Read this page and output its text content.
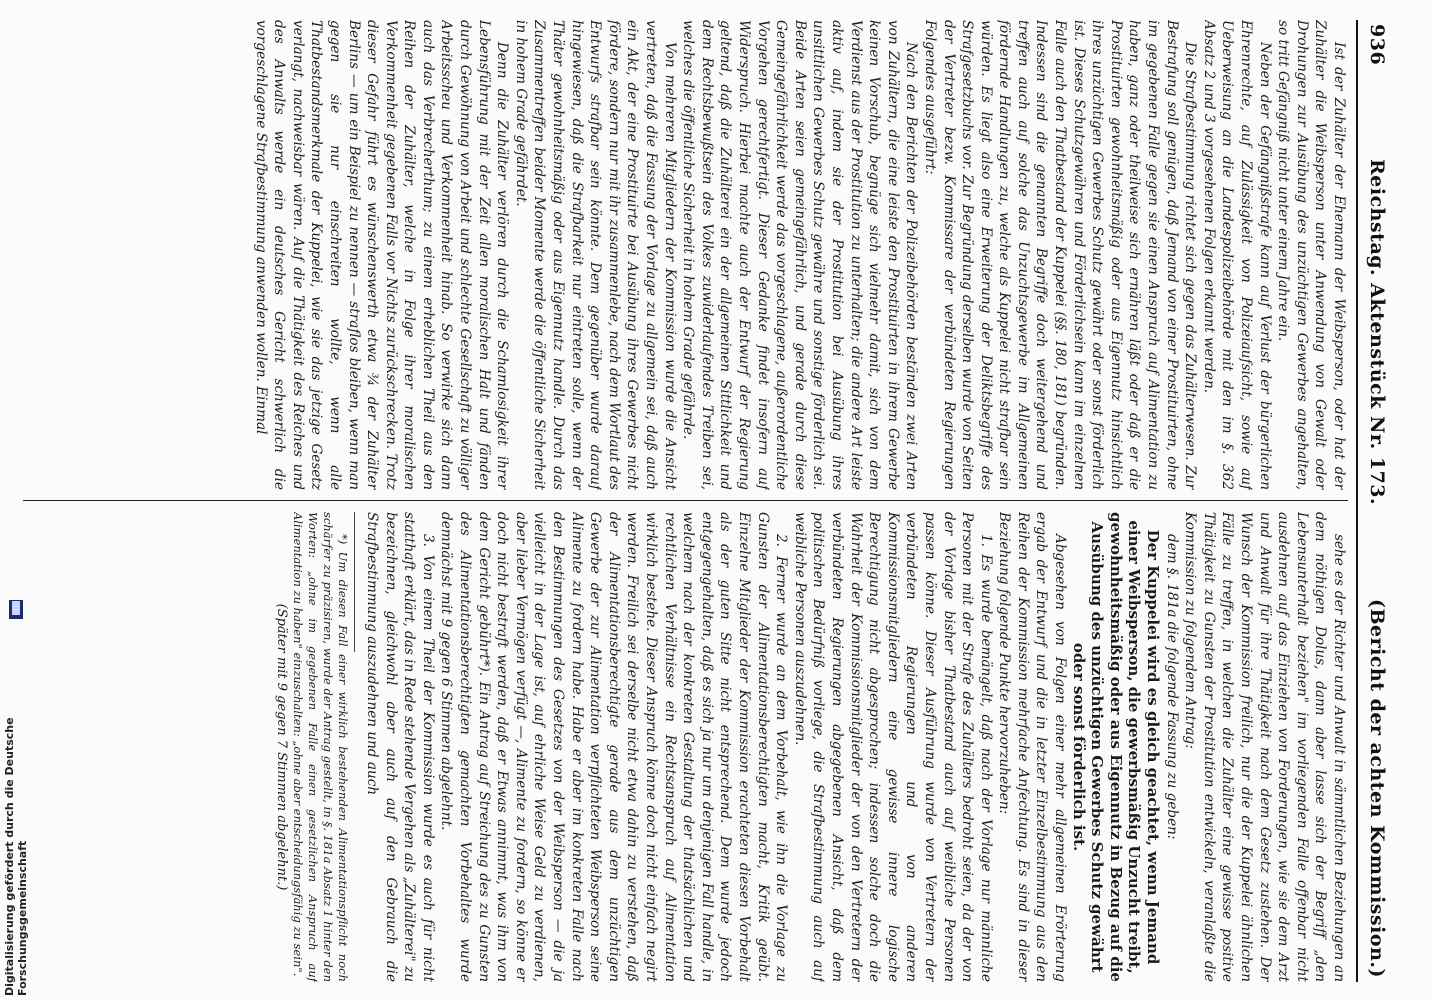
Digitalisierung gefördert durch die Deutsche Forschungsgemeinschaft
936
Reichstag. Aktenstück Nr. 173.
(Bericht der achten Kommission.)

Ist der Zuhälter der Ehemann der Weibsperson, oder hat der Zuhälter die Weibsperson unter Anwendung von Gewalt oder Drohungen zur Ausübung des unzüchtigen Gewerbes angehalten, so tritt Gefängniß nicht unter einem Jahre ein.

Neben der Gefängnißstrafe kann auf Verlust der bürgerlichen Ehrenrechte, auf Zulässigkeit von Polizeiaufsicht, sowie auf Ueberweisung an die Landespolizeibehörde mit den im §. 362 Absatz 2 und 3 vorgesehenen Folgen erkannt werden.

Die Strafbestimmung richtet sich gegen das Zuhälterwesen. Zur Bestrafung soll genügen, daß Jemand von einer Prostituirten, ohne im gegebenen Falle gegen sie einen Anspruch auf Alimentation zu haben, ganz oder theilweise sich ernähren läßt oder daß er die Prostituirten gewohnheitsmäßig oder aus Eigennutz hinsichtlich ihres unzüchtigen Gewerbes Schutz gewährt oder sonst förderlich ist. Dieses Schutzgewähren und Förderlichsein kann im einzelnen Falle auch den Thatbestand der Kuppelei (§§. 180, 181) begründen. Indessen sind die genannten Begriffe doch weitergehend und treffen auch auf solche das Unzuchtsgewerbe im Allgemeinen fördernde Handlungen zu, welche als Kuppelei nicht strafbar sein würden. Es liegt also eine Erweiterung der Deliktsbegriffe des Strafgesetzbuchs vor. Zur Begründung derselben wurde von Seiten der Vertreter bezw. Kommissare der verbündeten Regierungen Folgendes ausgeführt:

Nach den Berichten der Polizeibehörden beständen zwei Arten von Zuhältern, die eine leiste den Prostituirten in ihrem Gewerbe keinen Vorschub, begnüge sich vielmehr damit, sich von dem Verdienst aus der Prostitution zu unterhalten; die andere Art leiste aktiv auf, indem sie der Prostitution bei Ausübung ihres unsittlichen Gewerbes Schutz gewähre und sonstige förderlich sei. Beide Arten seien gemeingefährlich, und gerade durch diese Gemeingefährlichkeit werde das vorgeschlagene, außerordentliche Vorgehen gerechtfertigt. Dieser Gedanke findet insofern auf Widerspruch. Hierbei machte auch der Entwurf der Regierung geltend, daß die Zuhälterei ein der allgemeinen Sittlichkeit und dem Rechtsbewußtsein des Volkes zuwiderlaufendes Treiben sei, welches die öffentliche Sicherheit in hohem Grade gefährde.

Von mehreren Mitgliedern der Kommission wurde die Ansicht vertreten, daß die Fassung der Vorlage zu allgemein sei, daß auch ein Akt, der eine Prostituirte bei Ausübung ihres Gewerbes nicht fördere, sondern nur mit ihr zusammenlebe, nach dem Wortlaut des Entwurfs strafbar sein könnte. Dem gegenüber wurde darauf hingewiesen, daß die Strafbarkeit nur eintreten solle, wenn der Thäter gewohnheitsmäßig oder aus Eigennutz handle. Durch das Zusammentreffen beider Momente werde die öffentliche Sicherheit in hohem Grade gefährdet.

Denn die Zuhälter verlören durch die Schamlosigkeit ihrer Lebensführung mit der Zeit allen moralischen Halt und fänden durch Gewöhnung von Arbeit und schlechte Gesellschaft zu völliger Arbeitsscheu und Verkommenheit hinab. So verwirke sich dann auch das Verbrecherthum; zu einem erheblichen Theil aus den Reihen der Zuhälter, welche in Folge ihrer moralischen Verkommenheit gegebenen Falls vor Nichts zurückschrecken. Trotz dieser Gefahr führt es wünschenswerth etwa ¾ der Zuhälter Berlins — um ein Beispiel zu nennen — straflos bleiben, wenn man gegen sie nur einschreiten wollte, wenn alle Thatbestandsmerkmale der Kuppelei, wie sie das jetzige Gesetz verlangt, nachweisbar wären. Auf die Thätigkeit des Reiches und des Anwalts werde ein deutsches Gericht schwerlich die vorgeschlagene Strafbestimmung anwenden wollen. Einmal

sehe es der Richter und Anwalt in sämmtlichen Beziehungen an dem nöthigen Dolus, dann aber lasse sich der Begriff „den Lebensunterhalt beziehen" im vorliegenden Falle offenbar nicht ausdehnen auf das Einziehen von Forderungen, wie sie dem Arzt und Anwalt für ihre Thätigkeit nach dem Gesetz zustehen. Der Wunsch der Kommission freilich, nur die der Kuppelei ähnlichen Fälle zu treffen, in welchen die Zuhälter eine gewisse positive Thätigkeit zu Gunsten der Prostitution entwickeln, veranlaßte die Kommission zu folgendem Antrag:

dem §. 181a die folgende Fassung zu geben:

Der Kuppelei wird es gleich geachtet, wenn Jemand einer Weibsperson, die gewerbsmäßig Unzucht treibt, gewohnheitsmäßig oder aus Eigennutz in Bezug auf die Ausübung des unzüchtigen Gewerbes Schutz gewährt oder sonst förderlich ist.

Abgesehen von Folgen einer mehr allgemeinen Erörterung ergab der Entwurf und die in letzter Einzelbestimmung aus den Reihen der Kommission mehrfache Anfechtung. Es sind in dieser Beziehung folgende Punkte hervorzuheben:

1. Es wurde bemängelt, daß nach der Vorlage nur männliche Personen mit der Strafe des Zuhälters bedroht seien, da der von der Vorlage bisher Thatbestand auch auf weibliche Personen passen könne. Dieser Ausführung wurde von Vertretern der verbündeten Regierungen und von anderen Kommissionsmitgliedern eine gewisse innere logische Berechtigung nicht abgesprochen; indessen solche doch die Wahrheit der Kommissionsmitglieder der von den Vertretern der verbündeten Regierungen abgegebenen Ansicht, daß dem politischen Bedürfniß vorliege, die Strafbestimmung auch auf weibliche Personen auszudehnen.

2. Ferner wurde an dem Vorbehalt, wie ihn die Vorlage zu Gunsten der Alimentationsberechtigten macht, Kritik geübt. Einzelne Mitglieder der Kommission erachteten diesen Vorbehalt als der guten Sitte nicht entsprechend. Dem wurde jedoch entgegengehalten, daß es sich ja nur um denjenigen Fall handle, in welchem nach der konkreten Gestaltung der thatsächlichen und rechtlichen Verhältnisse ein Rechtsanspruch auf Alimentation wirklich bestehe. Dieser Anspruch könne doch nicht einfach negirt werden. Freilich sei derselbe nicht etwa dahin zu verstehen, daß der Alimentationsberechtigte gerade aus dem unzüchtigen Gewerbe der zur Alimentation verpflichteten Weibsperson seine Alimente zu fordern habe. Habe er aber im konkreten Falle nach den Bestimmungen des Gesetzes von der Weibsperson — die ja vielleicht in der Lage ist, auf ehrliche Weise Geld zu verdienen, aber lieber Vermögen verfügt —, Alimente zu fordern, so könne er doch nicht bestraft werden, daß er Etwas annimmt, was ihm von dem Gericht gebührt*). Ein Antrag auf Streichung des zu Gunsten des Alimentationsberechtigten gemachten Vorbehaltes wurde demnächst mit 9 gegen 6 Stimmen abgelehnt.

3. Von einem Theil der Kommission wurde es auch für nicht statthaft erklärt, das in Rede stehende Vergehen als „Zuhälterei" zu bezeichnen, gleichwohl aber auch auf den Gebrauch die Strafbestimmung auszudehnen und auch

*) Um diesen Fall einer wirklich bestehenden Alimentationspflicht noch schärfer zu präzisiren, wurde der Antrag gestellt, in §. 181a Absatz 1 hinter den Worten: „ohne im gegebenen Falle einen gesetzlichen Anspruch auf Alimentation zu haben" einzuschalten: „ohne aber entscheidungsfähig zu sein".

(Später mit 9 gegen 7 Stimmen abgelehnt.)
